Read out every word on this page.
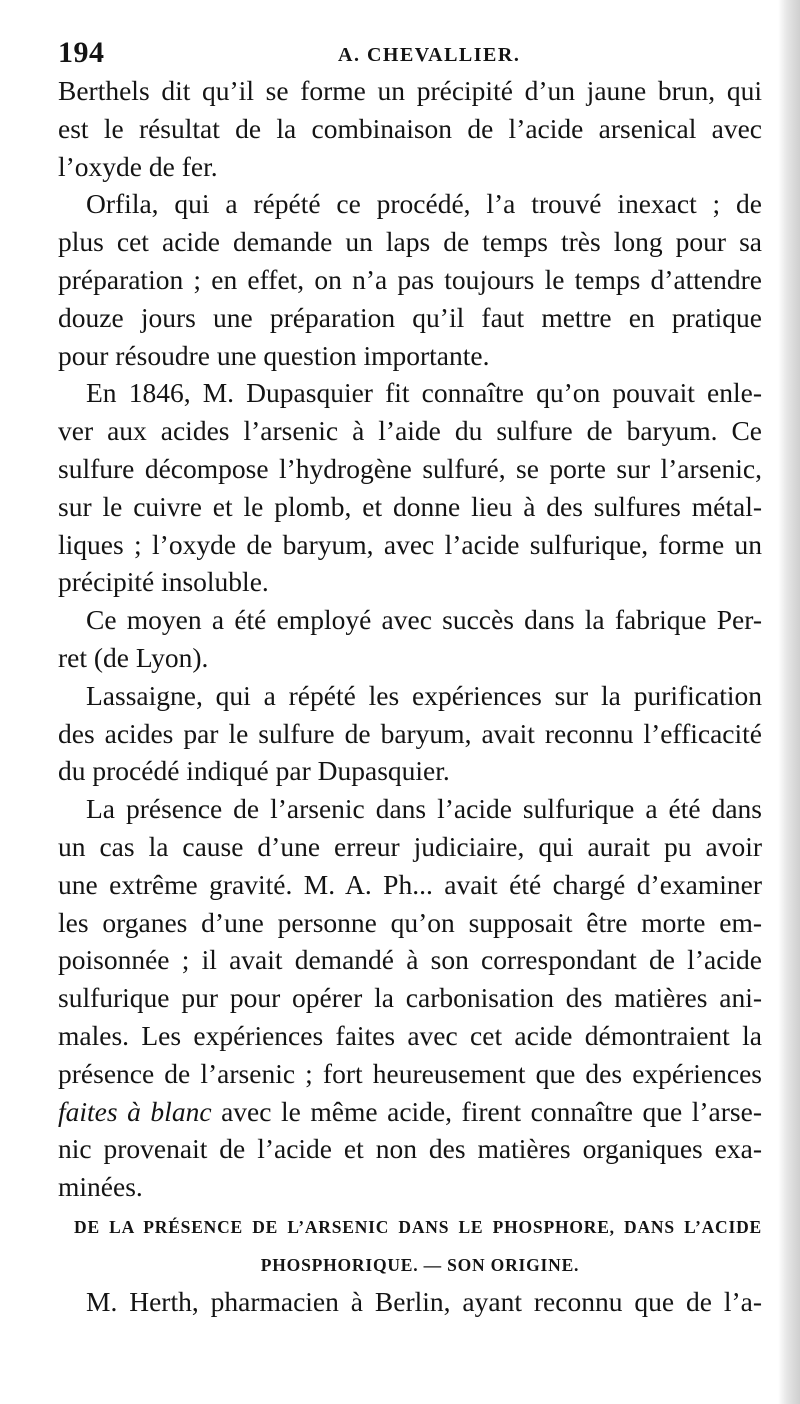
194	A. CHEVALLIER.
Berthels dit qu’il se forme un précipité d’un jaune brun, qui
est le résultat de la combinaison de l’acide arsenical avec
l’oxyde de fer.
Orfila, qui a répété ce procédé, l’a trouvé inexact ; de
plus cet acide demande un laps de temps très long pour sa
préparation ; en effet, on n’a pas toujours le temps d’attendre
douze jours une préparation qu’il faut mettre en pratique
pour résoudre une question importante.
En 1846, M. Dupasquier fit connaître qu’on pouvait enle-
ver aux acides l’arsenic à l’aide du sulfure de baryum. Ce
sulfure décompose l’hydrogène sulfuré, se porte sur l’arsenic,
sur le cuivre et le plomb, et donne lieu à des sulfures métal-
liques ; l’oxyde de baryum, avec l’acide sulfurique, forme un
précipité insoluble.
Ce moyen a été employé avec succès dans la fabrique Per-
ret (de Lyon).
Lassaigne, qui a répété les expériences sur la purification
des acides par le sulfure de baryum, avait reconnu l’efficacité
du procédé indiqué par Dupasquier.
La présence de l’arsenic dans l’acide sulfurique a été dans
un cas la cause d’une erreur judiciaire, qui aurait pu avoir
une extrême gravité. M. A. Ph... avait été chargé d’examiner
les organes d’une personne qu’on supposait être morte em-
poisonnée ; il avait demandé à son correspondant de l’acide
sulfurique pur pour opérer la carbonisation des matières ani-
males. Les expériences faites avec cet acide démontraient la
présence de l’arsenic ; fort heureusement que des expériences
faites à blanc avec le même acide, firent connaître que l’arse-
nic provenait de l’acide et non des matières organiques exa-
minées.
DE LA PRÉSENCE DE L’ARSENIC DANS LE PHOSPHORE, DANS L’ACIDE
PHOSPHORIQUE. — SON ORIGINE.
M. Herth, pharmacien à Berlin, ayant reconnu que de l’a-
